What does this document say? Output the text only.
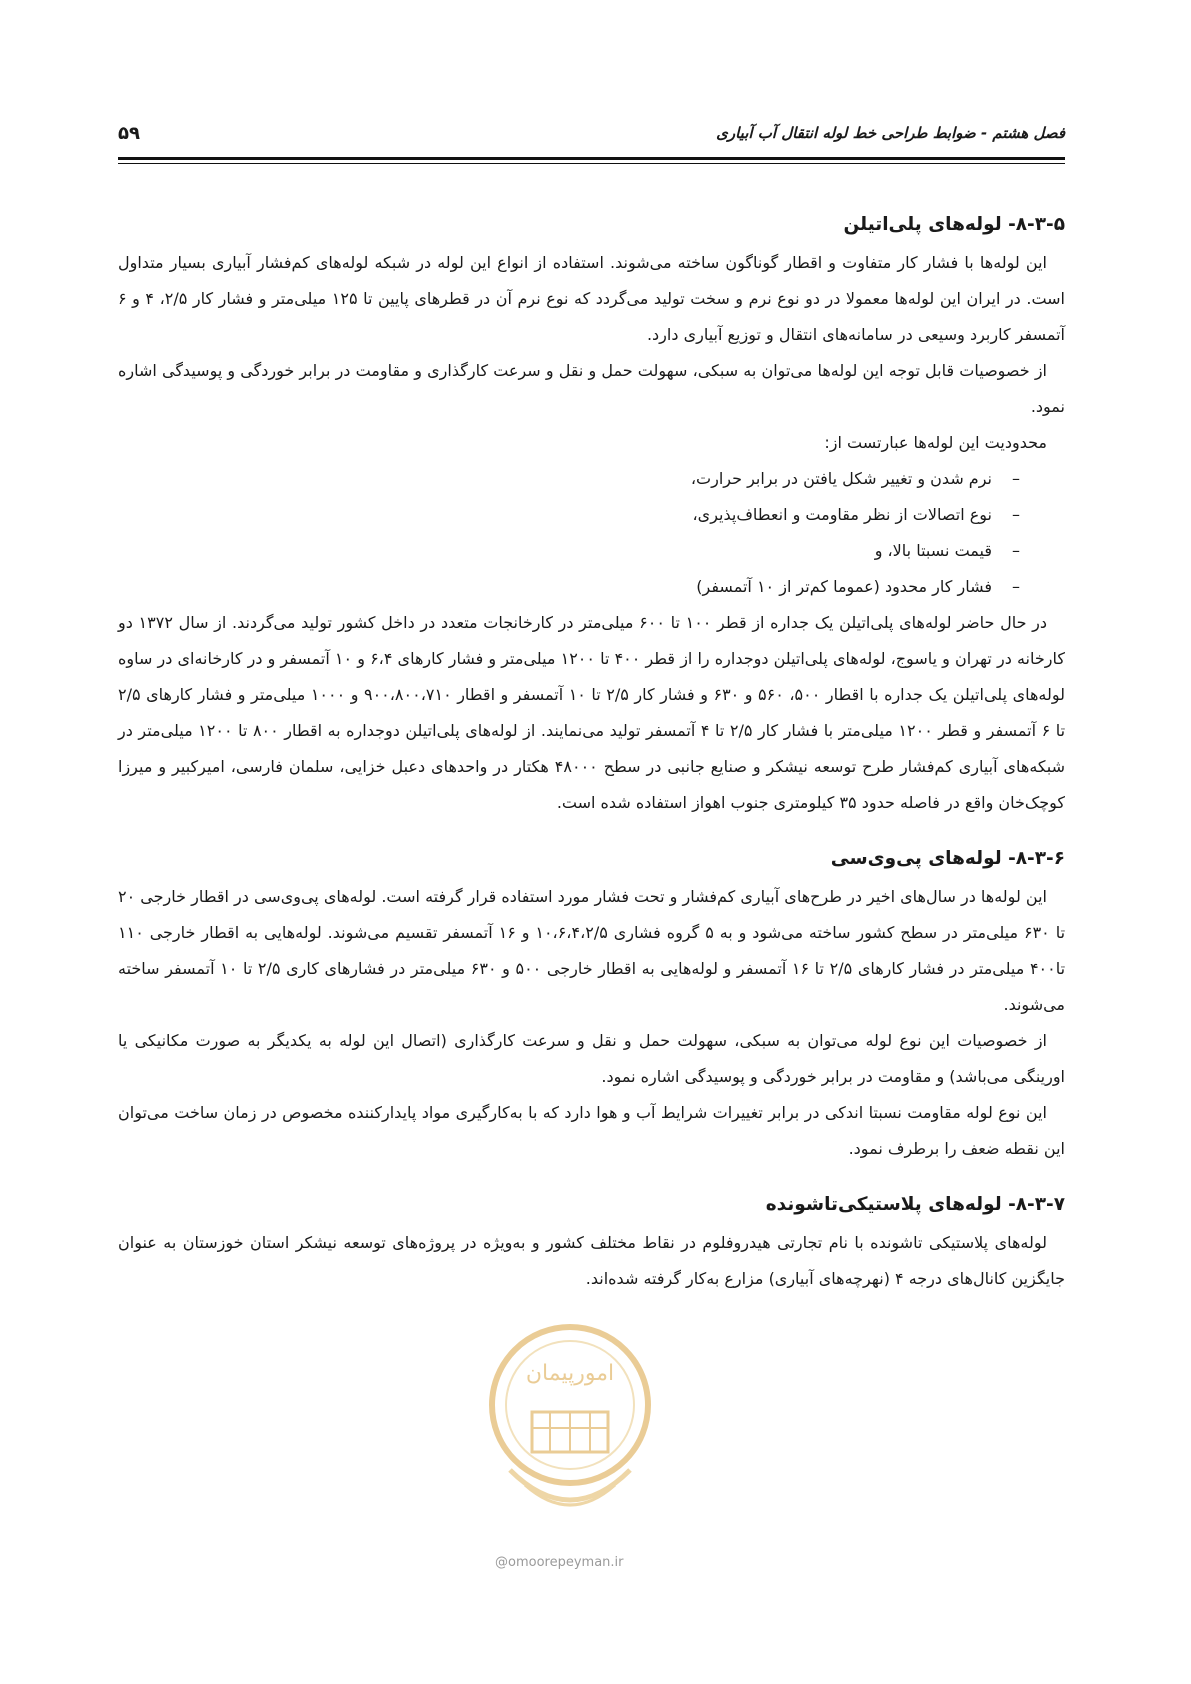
فصل هشتم - ضوابط طراحی خط لوله انتقال آب آبیاری
۵۹
۸-۳-۵- لوله‌های پلی‌اتیلن

این لوله‌ها با فشار کار متفاوت و اقطار گوناگون ساخته می‌شوند. استفاده از انواع این لوله در شبکه لوله‌های کم‌فشار آبیاری بسیار متداول است. در ایران این لوله‌ها معمولا در دو نوع نرم و سخت تولید می‌گردد که نوع نرم آن در قطرهای پایین تا ۱۲۵ میلی‌متر و فشار کار ۲/۵، ۴ و ۶ آتمسفر کاربرد وسیعی در سامانه‌های انتقال و توزیع آبیاری دارد.

از خصوصیات قابل توجه این لوله‌ها می‌توان به سبکی، سهولت حمل و نقل و سرعت کارگذاری و مقاومت در برابر خوردگی و پوسیدگی اشاره نمود.

محدودیت این لوله‌ها عبارتست از:

–نرم شدن و تغییر شکل یافتن در برابر حرارت،
–نوع اتصالات از نظر مقاومت و انعطاف‌پذیری،
–قیمت نسبتا بالا، و
–فشار کار محدود (عموما کم‌تر از ۱۰ آتمسفر)

در حال حاضر لوله‌های پلی‌اتیلن یک جداره از قطر ۱۰۰ تا ۶۰۰ میلی‌متر در کارخانجات متعدد در داخل کشور تولید می‌گردند. از سال ۱۳۷۲ دو کارخانه در تهران و یاسوج، لوله‌های پلی‌اتیلن دوجداره را از قطر ۴۰۰ تا ۱۲۰۰ میلی‌متر و فشار کارهای ۶،۴ و ۱۰ آتمسفر و در کارخانه‌ای در ساوه لوله‌های پلی‌اتیلن یک جداره با اقطار ۵۰۰، ۵۶۰ و ۶۳۰ و فشار کار ۲/۵ تا ۱۰ آتمسفر و اقطار ۹۰۰،۸۰۰،۷۱۰ و ۱۰۰۰ میلی‌متر و فشار کارهای ۲/۵ تا ۶ آتمسفر و قطر ۱۲۰۰ میلی‌متر با فشار کار ۲/۵ تا ۴ آتمسفر تولید می‌نمایند. از لوله‌های پلی‌اتیلن دوجداره به اقطار ۸۰۰ تا ۱۲۰۰ میلی‌متر در شبکه‌های آبیاری کم‌فشار طرح توسعه نیشکر و صنایع جانبی در سطح ۴۸۰۰۰ هکتار در واحدهای دعبل خزایی، سلمان فارسی، امیرکبیر و میرزا کوچک‌خان واقع در فاصله حدود ۳۵ کیلومتری جنوب اهواز استفاده شده است.

۸-۳-۶- لوله‌های پی‌وی‌سی

این لوله‌ها در سال‌های اخیر در طرح‌های آبیاری کم‌فشار و تحت فشار مورد استفاده قرار گرفته است. لوله‌های پی‌وی‌سی در اقطار خارجی ۲۰ تا ۶۳۰ میلی‌متر در سطح کشور ساخته می‌شود و به ۵ گروه فشاری ۱۰،۶،۴،۲/۵ و ۱۶ آتمسفر تقسیم می‌شوند. لوله‌هایی به اقطار خارجی ۱۱۰ تا۴۰۰ میلی‌متر در فشار کارهای ۲/۵ تا ۱۶ آتمسفر و لوله‌هایی به اقطار خارجی ۵۰۰ و ۶۳۰ میلی‌متر در فشارهای کاری ۲/۵ تا ۱۰ آتمسفر ساخته می‌شوند.

از خصوصیات این نوع لوله می‌توان به سبکی، سهولت حمل و نقل و سرعت کارگذاری (اتصال این لوله به یکدیگر به صورت مکانیکی یا اورینگی می‌باشد) و مقاومت در برابر خوردگی و پوسیدگی اشاره نمود.

این نوع لوله مقاومت نسبتا اندکی در برابر تغییرات شرایط آب و هوا دارد که با به‌کارگیری مواد پایدارکننده مخصوص در زمان ساخت می‌توان این نقطه ضعف را برطرف نمود.

۸-۳-۷- لوله‌های پلاستیکی‌تاشونده

لوله‌های پلاستیکی تاشونده با نام تجارتی هیدروفلوم در نقاط مختلف کشور و به‌ویژه در پروژه‌های توسعه نیشکر استان خوزستان به عنوان جایگزین کانال‌های درجه ۴ (نهرچه‌های آبیاری) مزارع به‌کار گرفته شده‌اند.

امورپیمان
@omoorepeyman.ir
